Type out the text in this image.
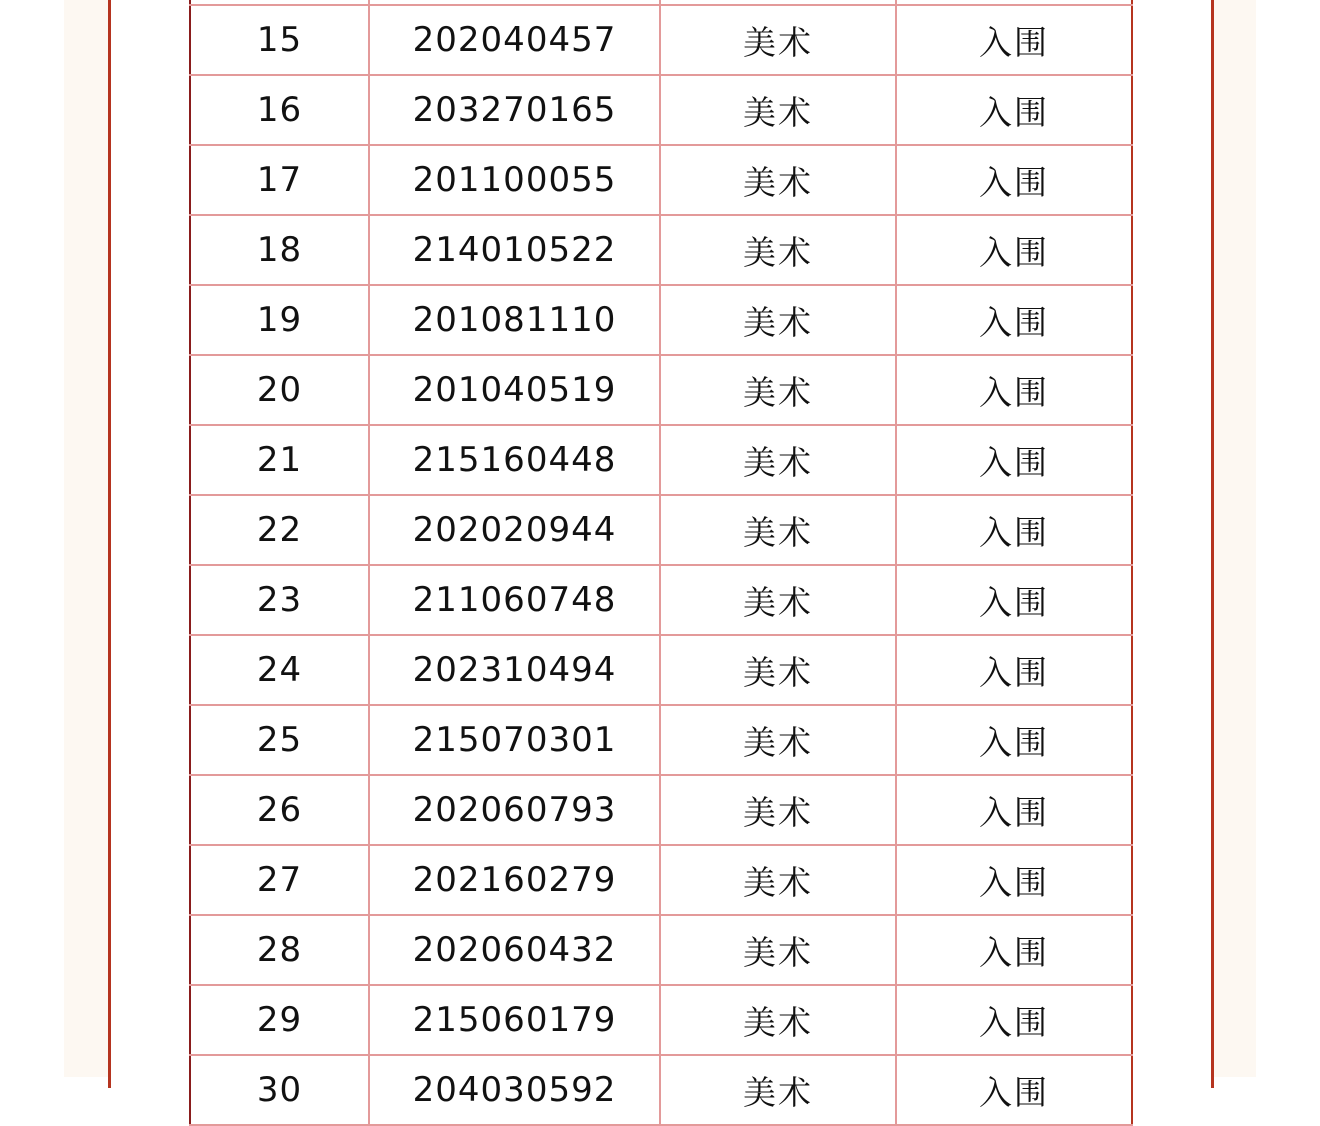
15	202040457	美术	入围
16	203270165	美术	入围
17	201100055	美术	入围
18	214010522	美术	入围
19	201081110	美术	入围
20	201040519	美术	入围
21	215160448	美术	入围
22	202020944	美术	入围
23	211060748	美术	入围
24	202310494	美术	入围
25	215070301	美术	入围
26	202060793	美术	入围
27	202160279	美术	入围
28	202060432	美术	入围
29	215060179	美术	入围
30	204030592	美术	入围
